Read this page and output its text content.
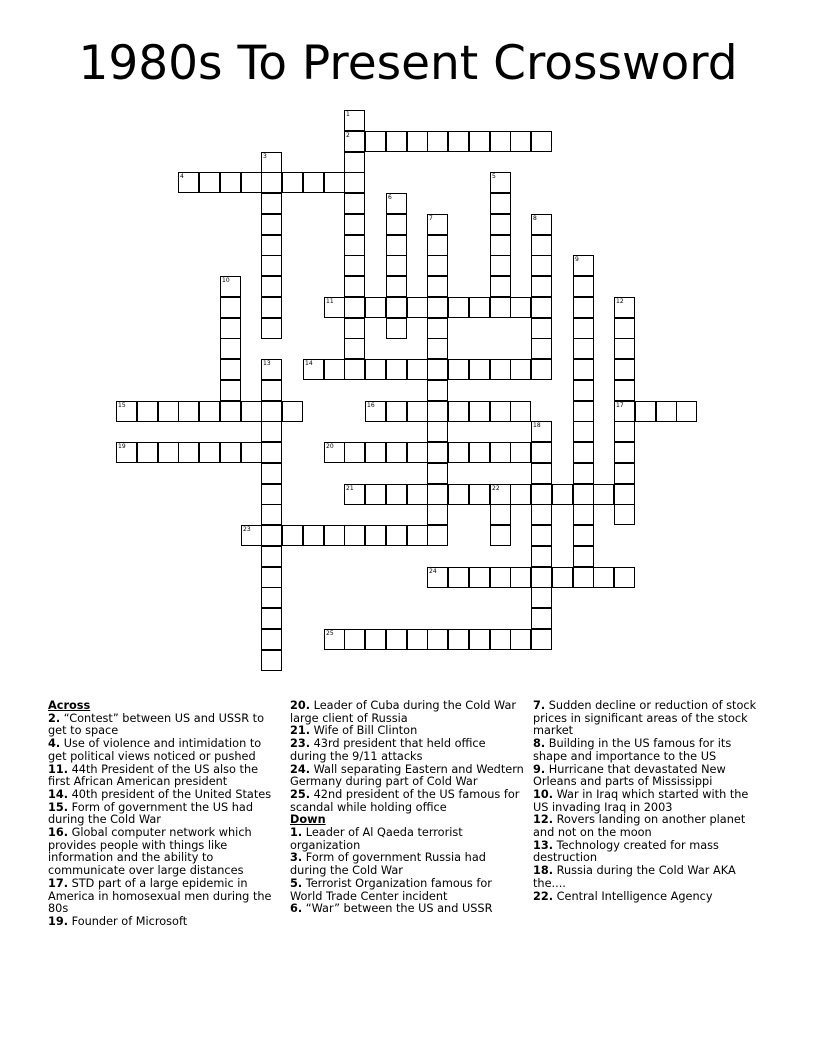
1980s To Present Crossword
1
2
3
4	5
6
7	8
9
10
11	12
17
13	14
15	16
18
19	20
21	22
23
24
25
Across
2. “Contest” between US and USSR to get to space
4. Use of violence and intimidation to get political views noticed or pushed
11. 44th President of the US also the first African American president
14. 40th president of the United States
15. Form of government the US had during the Cold War
16. Global computer network which provides people with things like information and the ability to communicate over large distances
17. STD part of a large epidemic in America in homosexual men during the 80s
19. Founder of Microsoft
20. Leader of Cuba during the Cold War large client of Russia
21. Wife of Bill Clinton
23. 43rd president that held office during the 9/11 attacks
24. Wall separating Eastern and Wedtern Germany during part of Cold War
25. 42nd president of the US famous for scandal while holding office
Down
1. Leader of Al Qaeda terrorist organization
3. Form of government Russia had during the Cold War
5. Terrorist Organization famous for World Trade Center incident
6. “War” between the US and USSR
7. Sudden decline or reduction of stock prices in significant areas of the stock market
8. Building in the US famous for its shape and importance to the US
9. Hurricane that devastated New Orleans and parts of Mississippi
10. War in Iraq which started with the US invading Iraq in 2003
12. Rovers landing on another planet and not on the moon
13. Technology created for mass destruction
18. Russia during the Cold War AKA the....
22. Central Intelligence Agency
